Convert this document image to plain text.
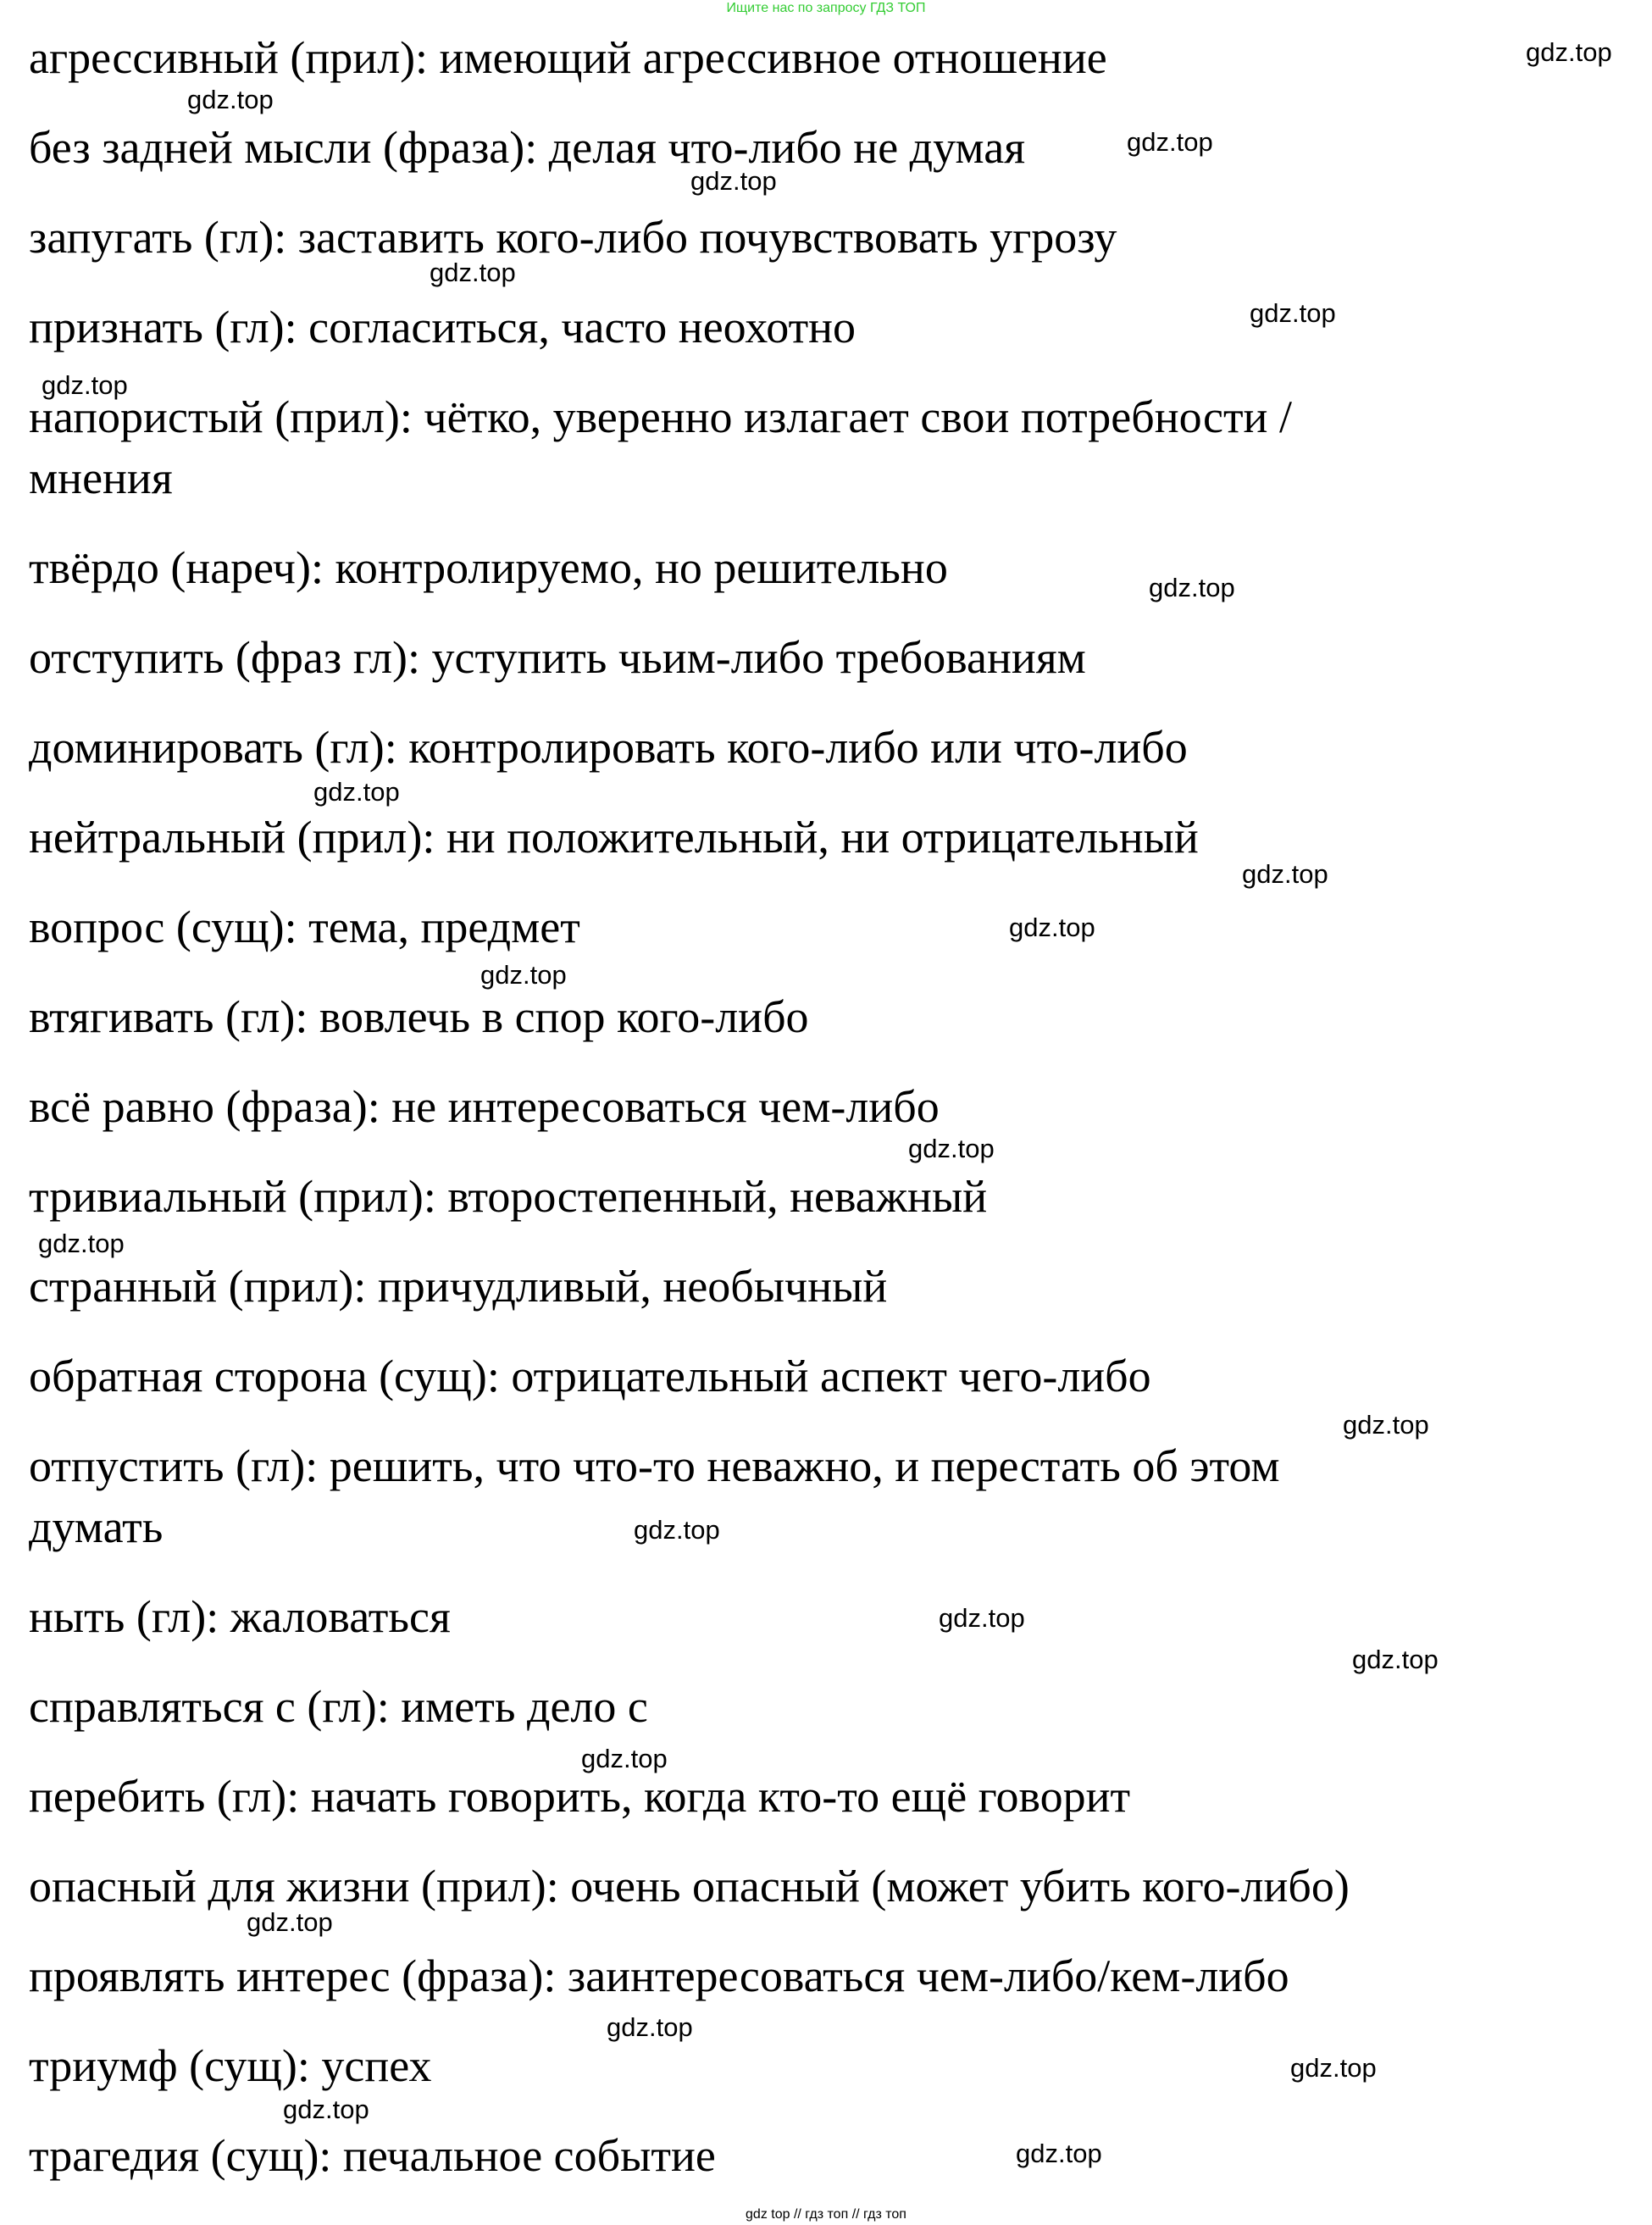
Ищите нас по запросу ГДЗ ТОП
агрессивный (прил): имеющий агрессивное отношение
без задней мысли (фраза): делая что-либо не думая
запугать (гл): заставить кого-либо почувствовать угрозу
признать (гл): согласиться, часто неохотно
напористый (прил): чётко, уверенно излагает свои потребности /
мнения
твёрдо (нареч): контролируемо, но решительно
отступить (фраз гл): уступить чьим-либо требованиям
доминировать (гл): контролировать кого-либо или что-либо
нейтральный (прил): ни положительный, ни отрицательный
вопрос (сущ): тема, предмет
втягивать (гл): вовлечь в спор кого-либо
всё равно (фраза): не интересоваться чем-либо
тривиальный (прил): второстепенный, неважный
странный (прил): причудливый, необычный
обратная сторона (сущ): отрицательный аспект чего-либо
отпустить (гл): решить, что что-то неважно, и перестать об этом
думать
ныть (гл): жаловаться
справляться с (гл): иметь дело с
перебить (гл): начать говорить, когда кто-то ещё говорит
опасный для жизни (прил): очень опасный (может убить кого-либо)
проявлять интерес (фраза): заинтересоваться чем-либо/кем-либо
триумф (сущ): успех
трагедия (сущ): печальное событие
gdz.top
gdz.top
gdz.top
gdz.top
gdz.top
gdz.top
gdz.top
gdz.top
gdz.top
gdz.top
gdz.top
gdz.top
gdz.top
gdz.top
gdz.top
gdz.top
gdz.top
gdz.top
gdz.top
gdz.top
gdz.top
gdz.top
gdz.top
gdz.top
gdz top // гдз топ // гдз топ
